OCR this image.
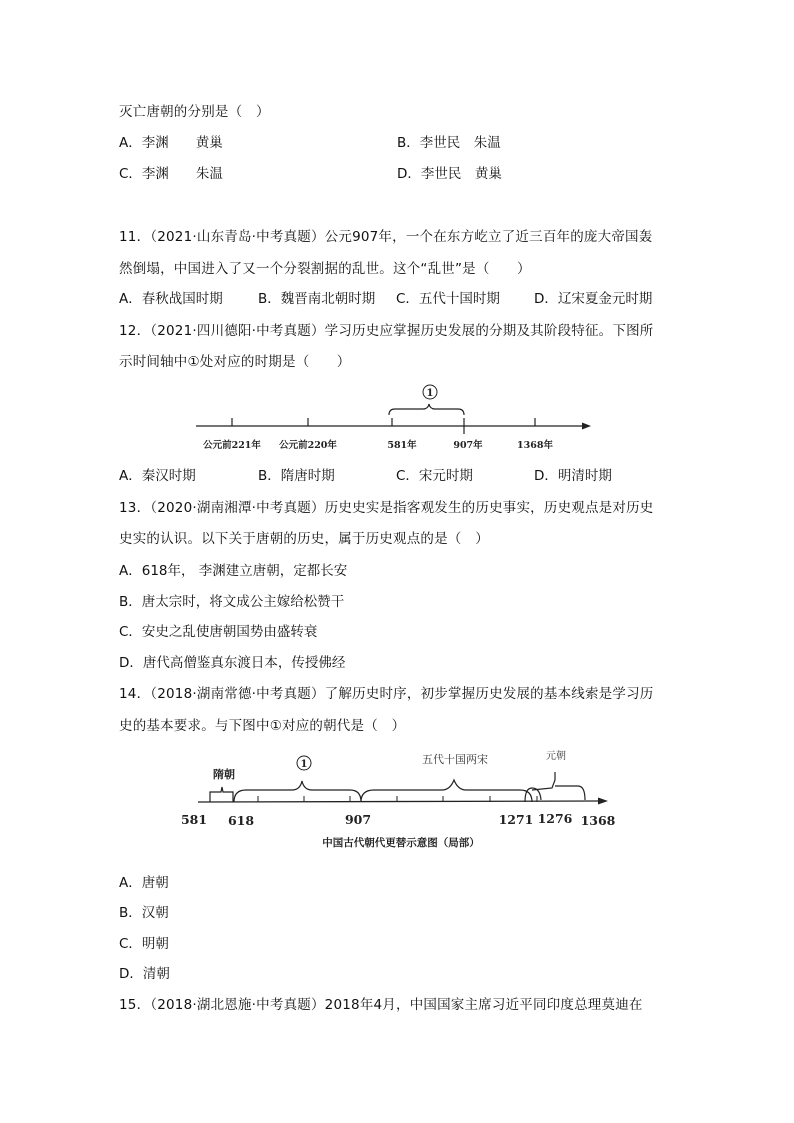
灭亡唐朝的分别是（　）
A．李渊　　黄巢	B．李世民　朱温
C．李渊　　朱温	D．李世民　黄巢
11．（2021·山东青岛·中考真题）公元907年，一个在东方屹立了近三百年的庞大帝国轰
然倒塌，中国进入了又一个分裂割据的乱世。这个“乱世”是（　　）
A．春秋战国时期	B．魏晋南北朝时期 C．五代十国时期	D．辽宋夏金元时期
12．（2021·四川德阳·中考真题）学习历史应掌握历史发展的分期及其阶段特征。下图所
示时间轴中①处对应的时期是（　　）
1
公元前221年 公元前220年	581年	907年	1368年
A．秦汉时期	B．隋唐时期	C．宋元时期	D．明清时期
13．（2020·湖南湘潭·中考真题）历史史实是指客观发生的历史事实，历史观点是对历史
史实的认识。以下关于唐朝的历史，属于历史观点的是（　）
A．618年， 李渊建立唐朝，定都长安
B．唐太宗时，将文成公主嫁给松赞干
C．安史之乱使唐朝国势由盛转衰
D．唐代高僧鉴真东渡日本，传授佛经
14．（2018·湖南常德·中考真题）了解历史时序，初步掌握历史发展的基本线索是学习历
史的基本要求。与下图中①对应的朝代是（　）
隋朝
1	五代十国两宋	元朝
581 618	907	1271 1276 1368
中国古代朝代更替示意图（局部）
A．唐朝
B．汉朝
C．明朝
D．清朝
15．（2018·湖北恩施·中考真题）2018年4月，中国国家主席习近平同印度总理莫迪在
